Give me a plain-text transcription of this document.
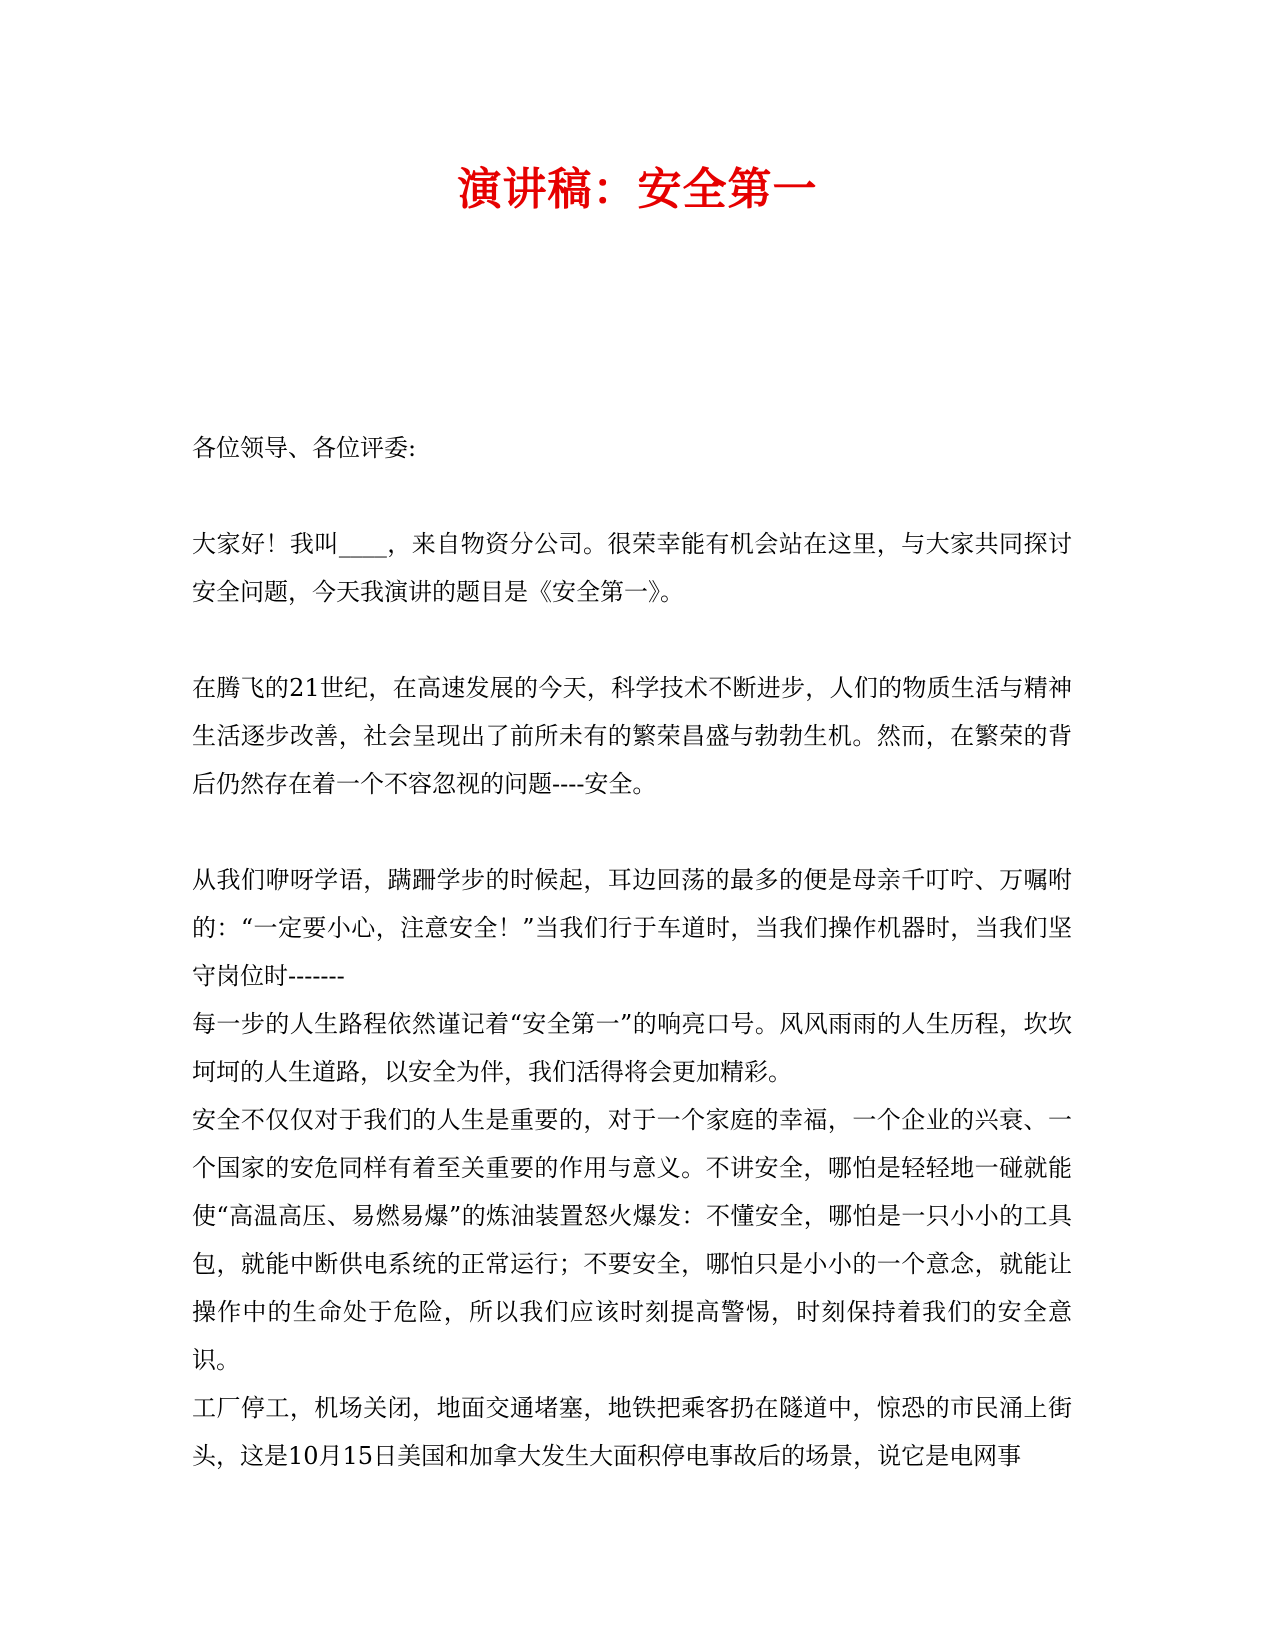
演讲稿：安全第一

各位领导、各位评委:

大家好！我叫____，来自物资分公司。很荣幸能有机会站在这里，与大家共同探讨安全问题，今天我演讲的题目是《安全第一》。

在腾飞的21世纪，在高速发展的今天，科学技术不断进步，人们的物质生活与精神生活逐步改善，社会呈现出了前所未有的繁荣昌盛与勃勃生机。然而，在繁荣的背后仍然存在着一个不容忽视的问题----安全。

从我们咿呀学语，蹒跚学步的时候起，耳边回荡的最多的便是母亲千叮咛、万嘱咐的：“一定要小心，注意安全！”当我们行于车道时，当我们操作机器时，当我们坚守岗位时-------

每一步的人生路程依然谨记着“安全第一”的响亮口号。风风雨雨的人生历程，坎坎坷坷的人生道路，以安全为伴，我们活得将会更加精彩。

安全不仅仅对于我们的人生是重要的，对于一个家庭的幸福，一个企业的兴衰、一个国家的安危同样有着至关重要的作用与意义。不讲安全，哪怕是轻轻地一碰就能使“高温高压、易燃易爆”的炼油装置怒火爆发：不懂安全，哪怕是一只小小的工具包，就能中断供电系统的正常运行；不要安全，哪怕只是小小的一个意念，就能让操作中的生命处于危险，所以我们应该时刻提高警惕，时刻保持着我们的安全意识。

工厂停工，机场关闭，地面交通堵塞，地铁把乘客扔在隧道中，惊恐的市民涌上街头，这是10月15日美国和加拿大发生大面积停电事故后的场景，说它是电网事
